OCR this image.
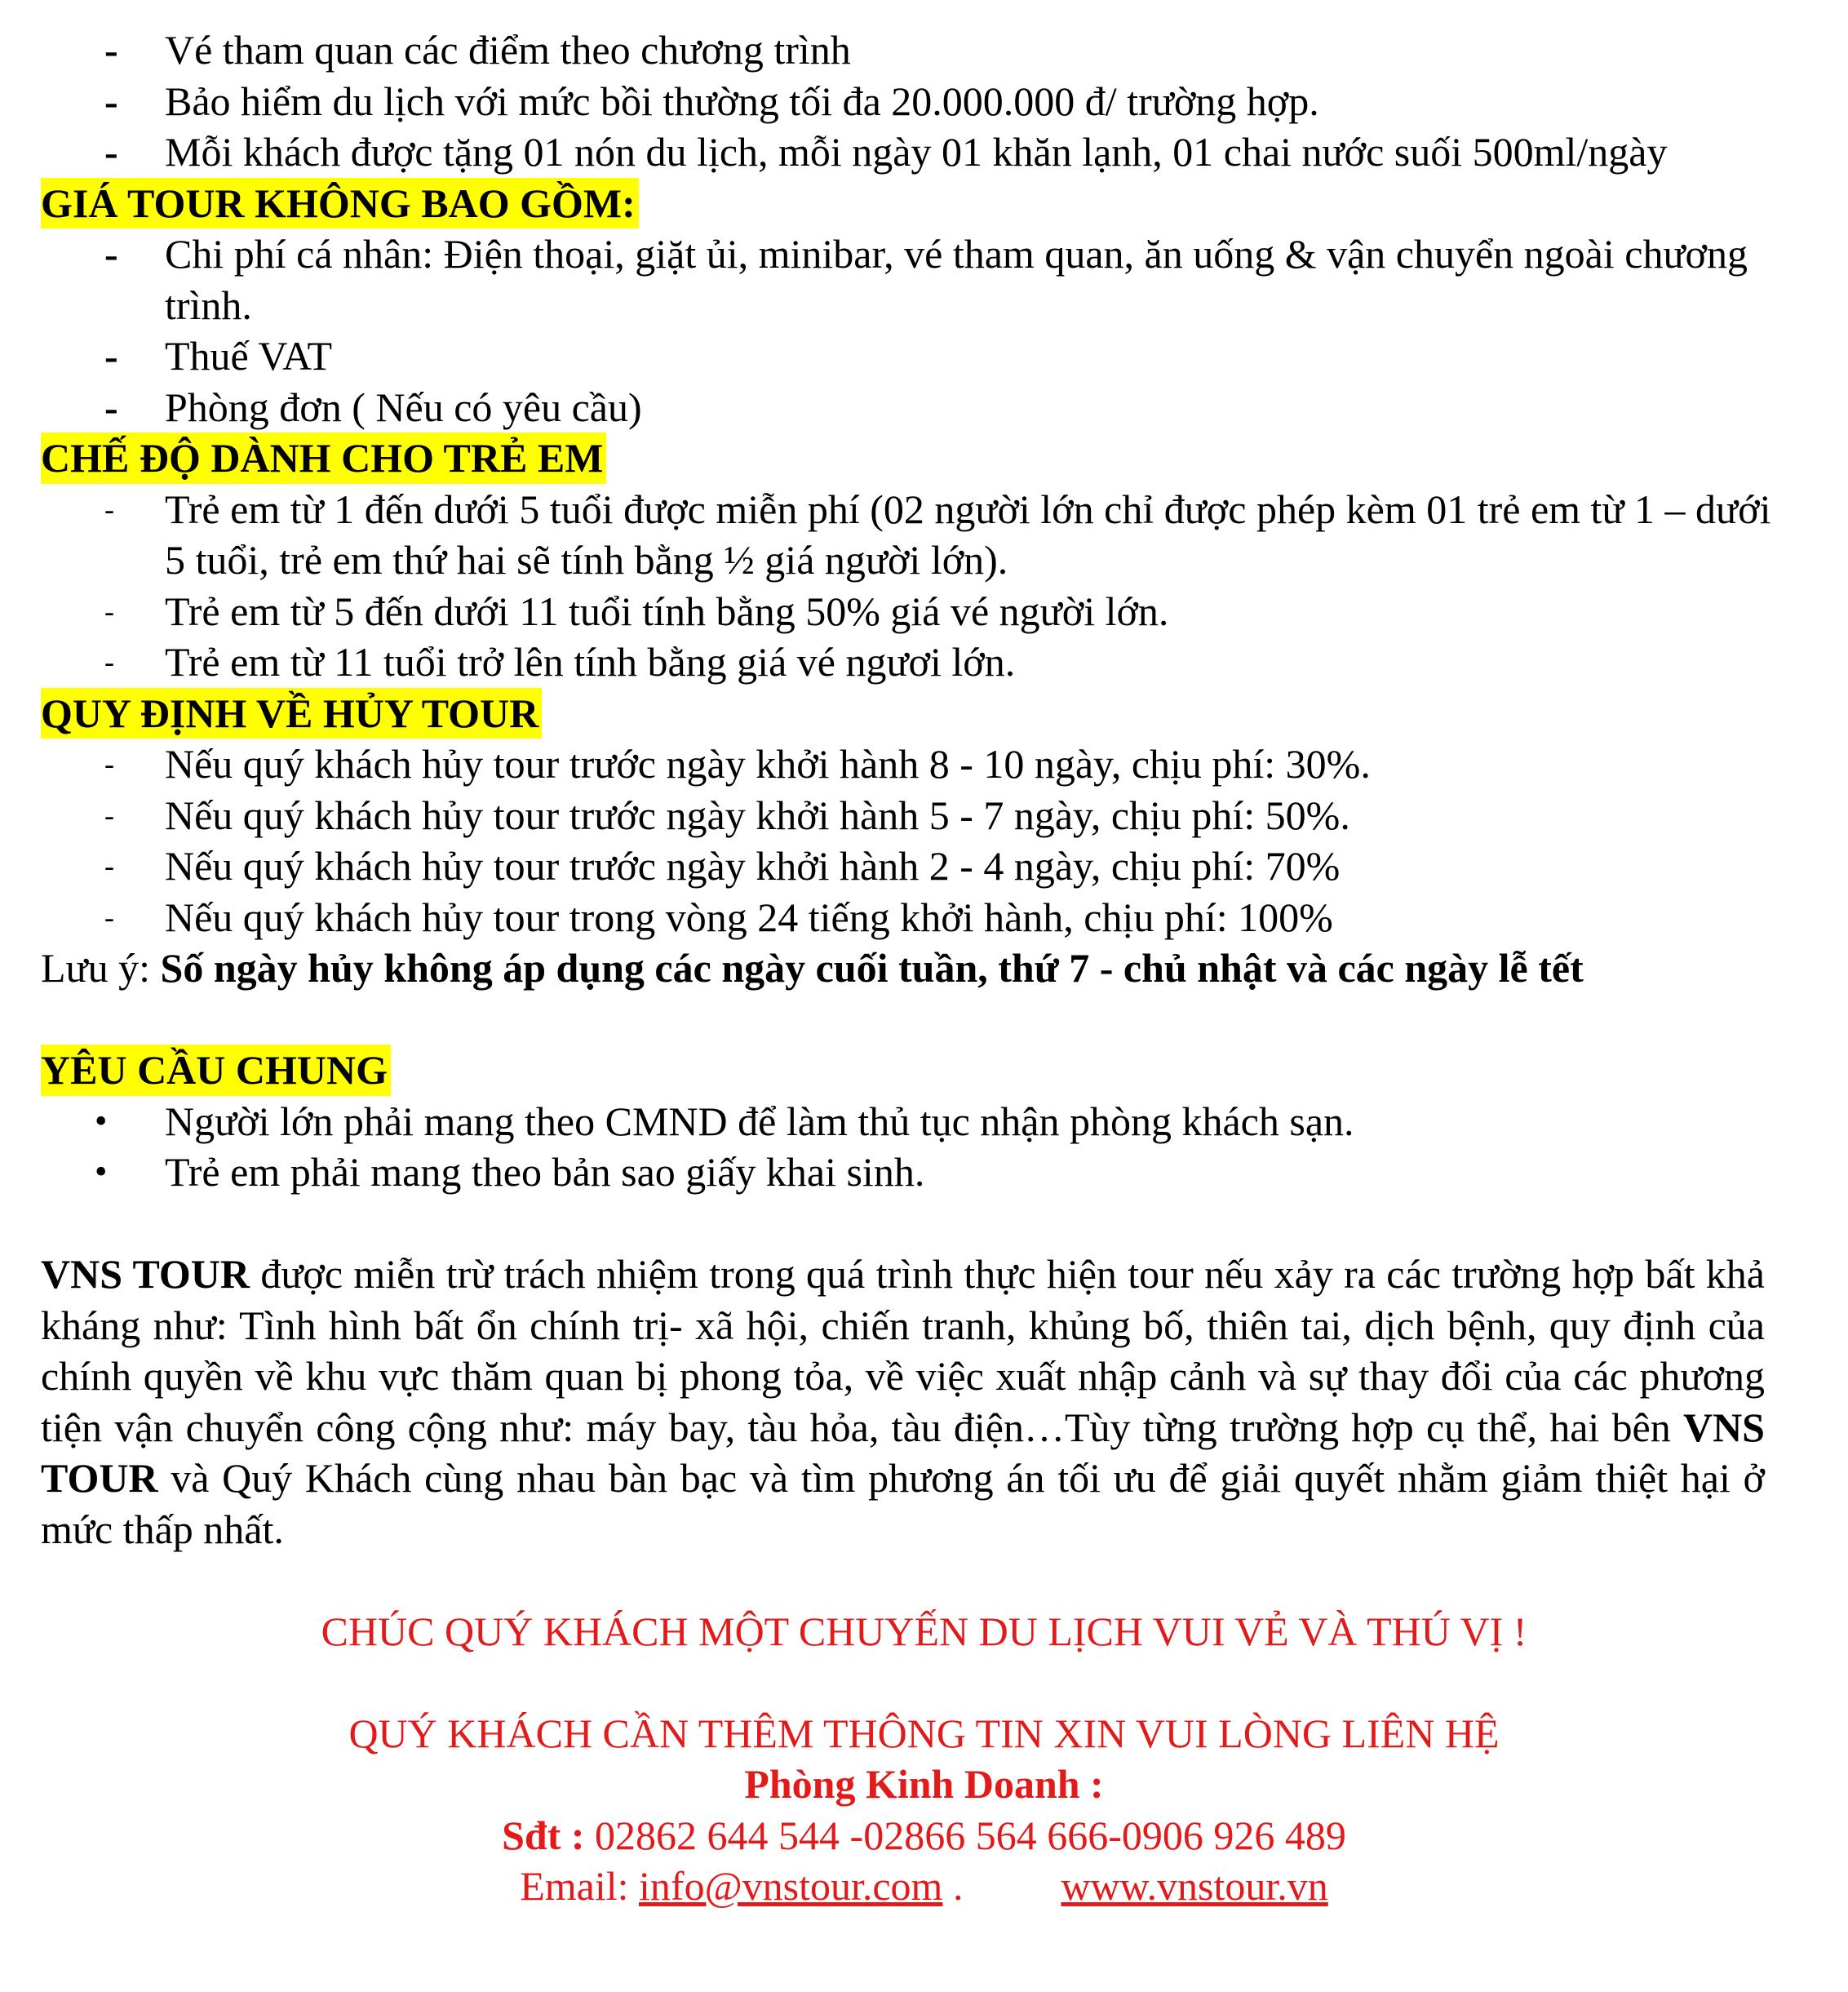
- Vé tham quan các điểm theo chương trình
- Bảo hiểm du lịch với mức bồi thường tối đa 20.000.000 đ/ trường hợp.
- Mỗi khách được tặng 01 nón du lịch, mỗi ngày 01 khăn lạnh, 01 chai nước suối 500ml/ngày
GIÁ TOUR KHÔNG BAO GỒM:
- Chi phí cá nhân: Điện thoại, giặt ủi, minibar, vé tham quan, ăn uống & vận chuyển ngoài chương trình.
- Thuế VAT
- Phòng đơn ( Nếu có yêu cầu)
CHẾ ĐỘ DÀNH CHO TRẺ EM
- Trẻ em từ 1 đến dưới 5 tuổi được miễn phí (02 người lớn chỉ được phép kèm 01 trẻ em từ 1 – dưới 5 tuổi, trẻ em thứ hai sẽ tính bằng ½ giá người lớn).
- Trẻ em từ 5 đến dưới 11 tuổi tính bằng 50% giá vé người lớn.
- Trẻ em từ 11 tuổi trở lên tính bằng giá vé ngươi lớn.
QUY ĐỊNH VỀ HỦY TOUR
- Nếu quý khách hủy tour trước ngày khởi hành 8 - 10 ngày, chịu phí: 30%.
- Nếu quý khách hủy tour trước ngày khởi hành 5 - 7 ngày, chịu phí: 50%.
- Nếu quý khách hủy tour trước ngày khởi hành 2 - 4 ngày, chịu phí: 70%
- Nếu quý khách hủy tour trong vòng 24 tiếng khởi hành, chịu phí: 100%
Lưu ý: Số ngày hủy không áp dụng các ngày cuối tuần, thứ 7 - chủ nhật và các ngày lễ tết
YÊU CẦU CHUNG
• Người lớn phải mang theo CMND để làm thủ tục nhận phòng khách sạn.
• Trẻ em phải mang theo bản sao giấy khai sinh.
VNS TOUR được miễn trừ trách nhiệm trong quá trình thực hiện tour nếu xảy ra các trường hợp bất khả kháng như: Tình hình bất ổn chính trị- xã hội, chiến tranh, khủng bố, thiên tai, dịch bệnh, quy định của chính quyền về khu vực thăm quan bị phong tỏa, về việc xuất nhập cảnh và sự thay đổi của các phương tiện vận chuyển công cộng như: máy bay, tàu hỏa, tàu điện…Tùy từng trường hợp cụ thể, hai bên VNS TOUR và Quý Khách cùng nhau bàn bạc và tìm phương án tối ưu để giải quyết nhằm giảm thiệt hại ở mức thấp nhất.
CHÚC QUÝ KHÁCH MỘT CHUYẾN DU LỊCH VUI VẺ VÀ THÚ VỊ !
QUÝ KHÁCH CẦN THÊM THÔNG TIN XIN VUI LÒNG LIÊN HỆ
Phòng Kinh Doanh :
Sđt : 02862 644 544 -02866 564 666-0906 926 489
Email: info@vnstour.com . www.vnstour.vn
